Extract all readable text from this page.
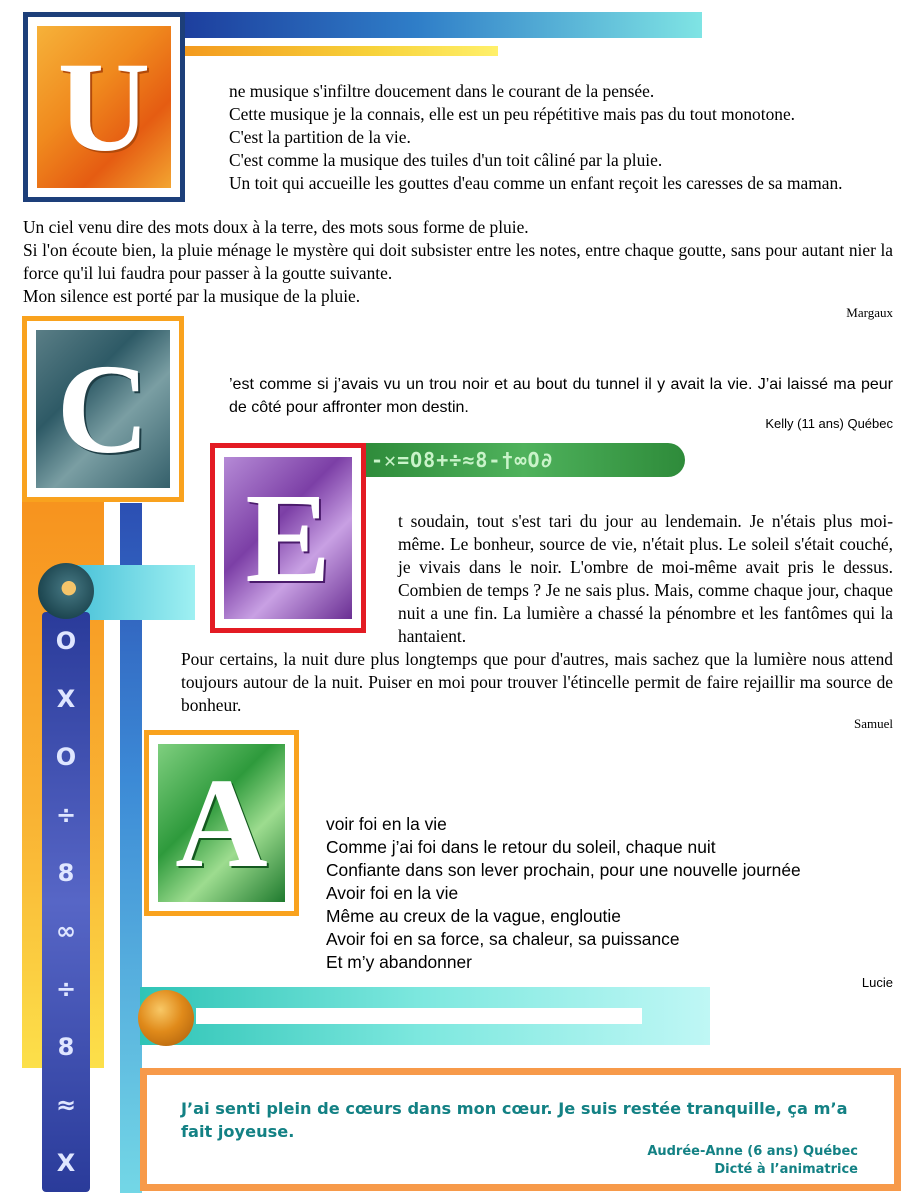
O
X
O
÷
8
∞
÷
8
≈
X
-✕=O8+÷≈8-†∞O∂
U	ne musique s'infiltre doucement dans le courant de la pensée.
Cette musique je la connais, elle est un peu répétitive mais pas du tout monotone.
C'est la partition de la vie.
C'est comme la musique des tuiles d'un toit câliné par la pluie.
Un toit qui accueille les gouttes d'eau comme un enfant reçoit les caresses de sa maman.
Un ciel venu dire des mots doux à la terre, des mots sous forme de pluie.
Si l'on écoute bien, la pluie ménage le mystère qui doit subsister entre les notes, entre chaque goutte, sans pour autant nier la force qu'il lui faudra pour passer à la goutte suivante.
Mon silence est porté par la musique de la pluie.
Margaux
C	’est comme si j’avais vu un trou noir et au bout du tunnel il y avait la vie. J’ai laissé ma peur de côté pour affronter mon destin.
Kelly (11 ans) Québec
E	t soudain, tout s'est tari du jour au lendemain. Je n'étais plus moi-même. Le bonheur, source de vie, n'était plus. Le soleil s'était couché, je vivais dans le noir. L'ombre de moi-même avait pris le dessus. Combien de temps ? Je ne sais plus. Mais, comme chaque jour, chaque nuit a une fin. La lumière a chassé la pénombre et les fantômes qui la hantaient.
Pour certains, la nuit dure plus longtemps que pour d'autres, mais sachez que la lumière nous attend toujours autour de la nuit. Puiser en moi pour trouver l'étincelle permit de faire rejaillir ma source de bonheur.
Samuel
A	voir foi en la vie
Comme j’ai foi dans le retour du soleil, chaque nuit
Confiante dans son lever prochain, pour une nouvelle journée
Avoir foi en la vie
Même au creux de la vague, engloutie
Avoir foi en sa force, sa chaleur, sa puissance
Et m’y abandonner
Lucie
J’ai senti plein de cœurs dans mon cœur. Je suis restée tranquille, ça m’a fait joyeuse.
Audrée-Anne (6 ans) Québec
Dicté à l’animatrice
